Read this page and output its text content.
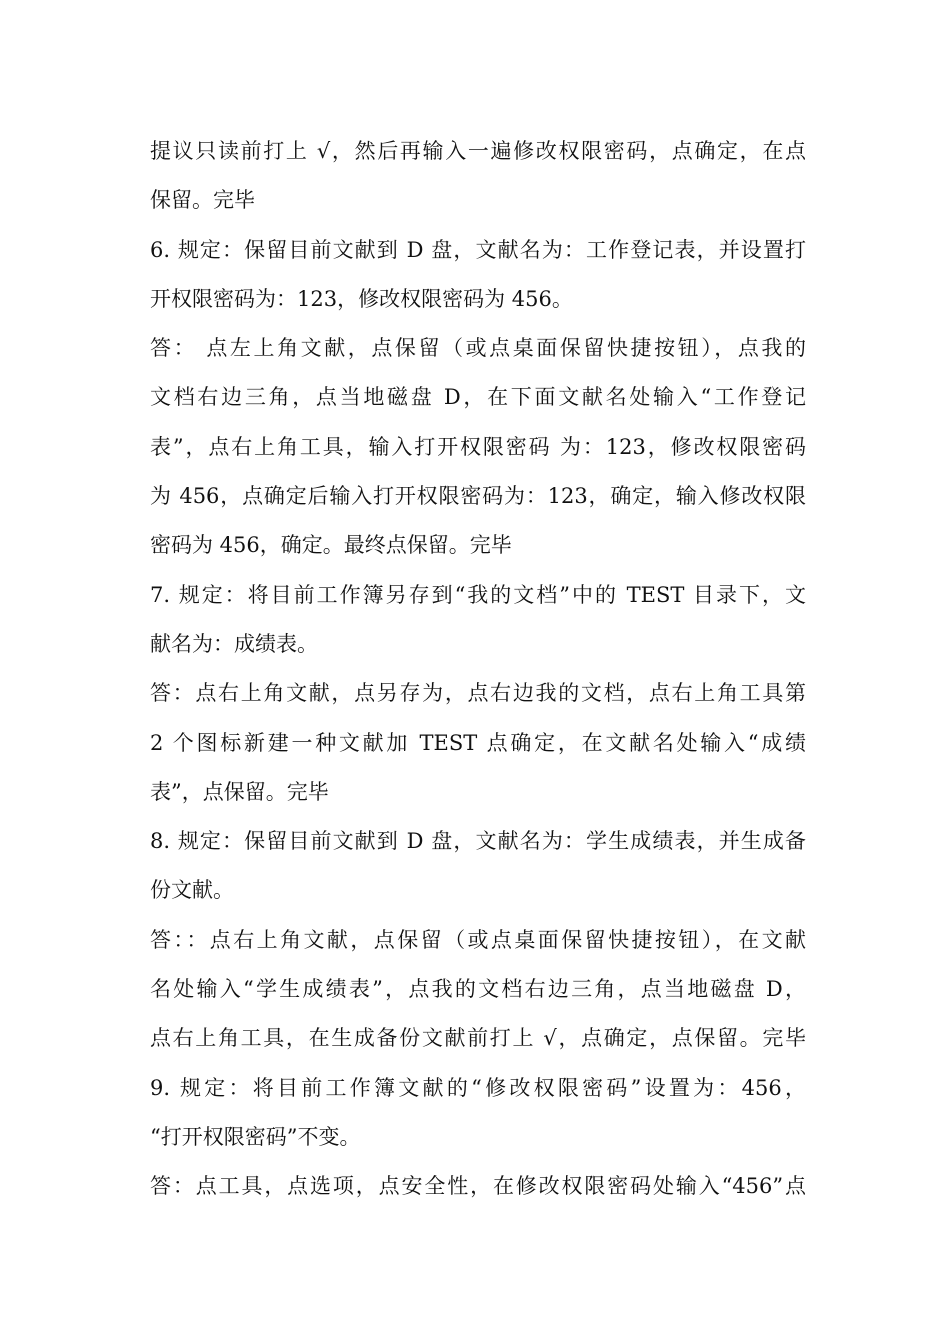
提议只读前打上 √，然后再输入一遍修改权限密码，点确定，在点
保留。完毕
6. 规定：保留目前文献到 D 盘，文献名为：工作登记表，并设置打
开权限密码为：123，修改权限密码为 456。
答： 点左上角文献，点保留（或点桌面保留快捷按钮），点我的
文档右边三角，点当地磁盘 D，在下面文献名处输入“工作登记
表”，点右上角工具，输入打开权限密码 为：123，修改权限密码
为 456，点确定后输入打开权限密码为：123，确定，输入修改权限
密码为 456，确定。最终点保留。完毕
7. 规定：将目前工作簿另存到“我的文档”中的 TEST 目录下，文
献名为：成绩表。
答：点右上角文献，点另存为，点右边我的文档，点右上角工具第
2 个图标新建一种文献加 TEST 点确定，在文献名处输入“成绩
表”，点保留。完毕
8. 规定：保留目前文献到 D 盘，文献名为：学生成绩表，并生成备
份文献。
答：：点右上角文献，点保留（或点桌面保留快捷按钮），在文献
名处输入“学生成绩表”，点我的文档右边三角，点当地磁盘 D，
点右上角工具，在生成备份文献前打上 √，点确定，点保留。完毕
9. 规定：将目前工作簿文献的“修改权限密码”设置为：456，
“打开权限密码”不变。
答：点工具，点选项，点安全性，在修改权限密码处输入“456”点
